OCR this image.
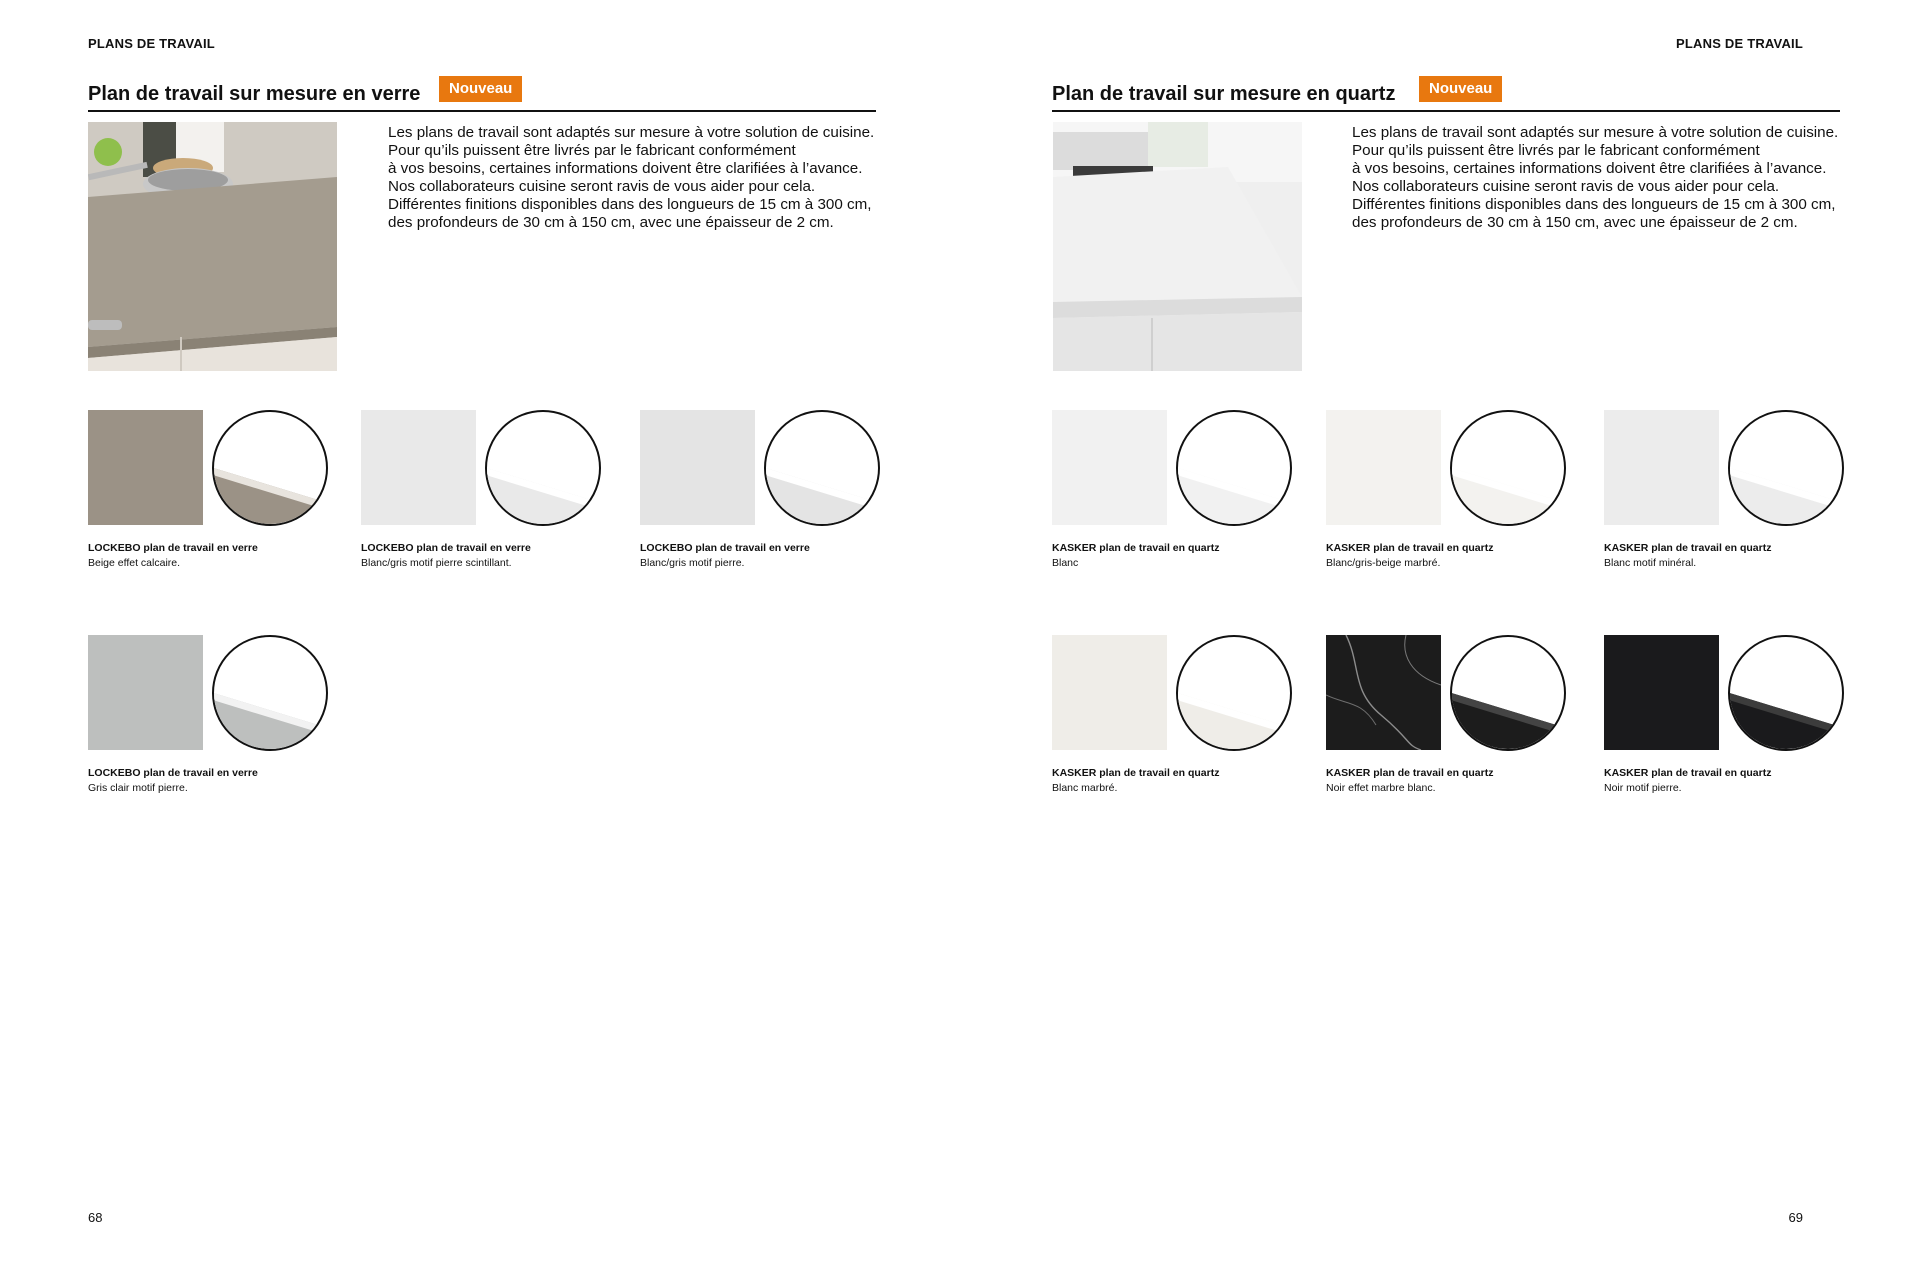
PLANS DE TRAVAIL
Plan de travail sur mesure en verre	Nouveau
Les plans de travail sont adaptés sur mesure à votre solution de cuisine.
Pour qu’ils puissent être livrés par le fabricant conformément
à vos besoins, certaines informations doivent être clarifiées à l’avance.
Nos collaborateurs cuisine seront ravis de vous aider pour cela.
Différentes finitions disponibles dans des longueurs de 15 cm à 300 cm,
des profondeurs de 30 cm à 150 cm, avec une épaisseur de 2 cm.
LOCKEBO plan de travail en verre
Beige effet calcaire.
LOCKEBO plan de travail en verre
Blanc/gris motif pierre scintillant.
LOCKEBO plan de travail en verre
Blanc/gris motif pierre.
LOCKEBO plan de travail en verre
Gris clair motif pierre.
68
PLANS DE TRAVAIL
Plan de travail sur mesure en quartz	Nouveau
Les plans de travail sont adaptés sur mesure à votre solution de cuisine.
Pour qu’ils puissent être livrés par le fabricant conformément
à vos besoins, certaines informations doivent être clarifiées à l’avance.
Nos collaborateurs cuisine seront ravis de vous aider pour cela.
Différentes finitions disponibles dans des longueurs de 15 cm à 300 cm,
des profondeurs de 30 cm à 150 cm, avec une épaisseur de 2 cm.
KASKER plan de travail en quartz
Blanc
KASKER plan de travail en quartz
Blanc/gris-beige marbré.
KASKER plan de travail en quartz
Blanc motif minéral.
KASKER plan de travail en quartz
Blanc marbré.
KASKER plan de travail en quartz
Noir effet marbre blanc.
KASKER plan de travail en quartz
Noir motif pierre.
69
